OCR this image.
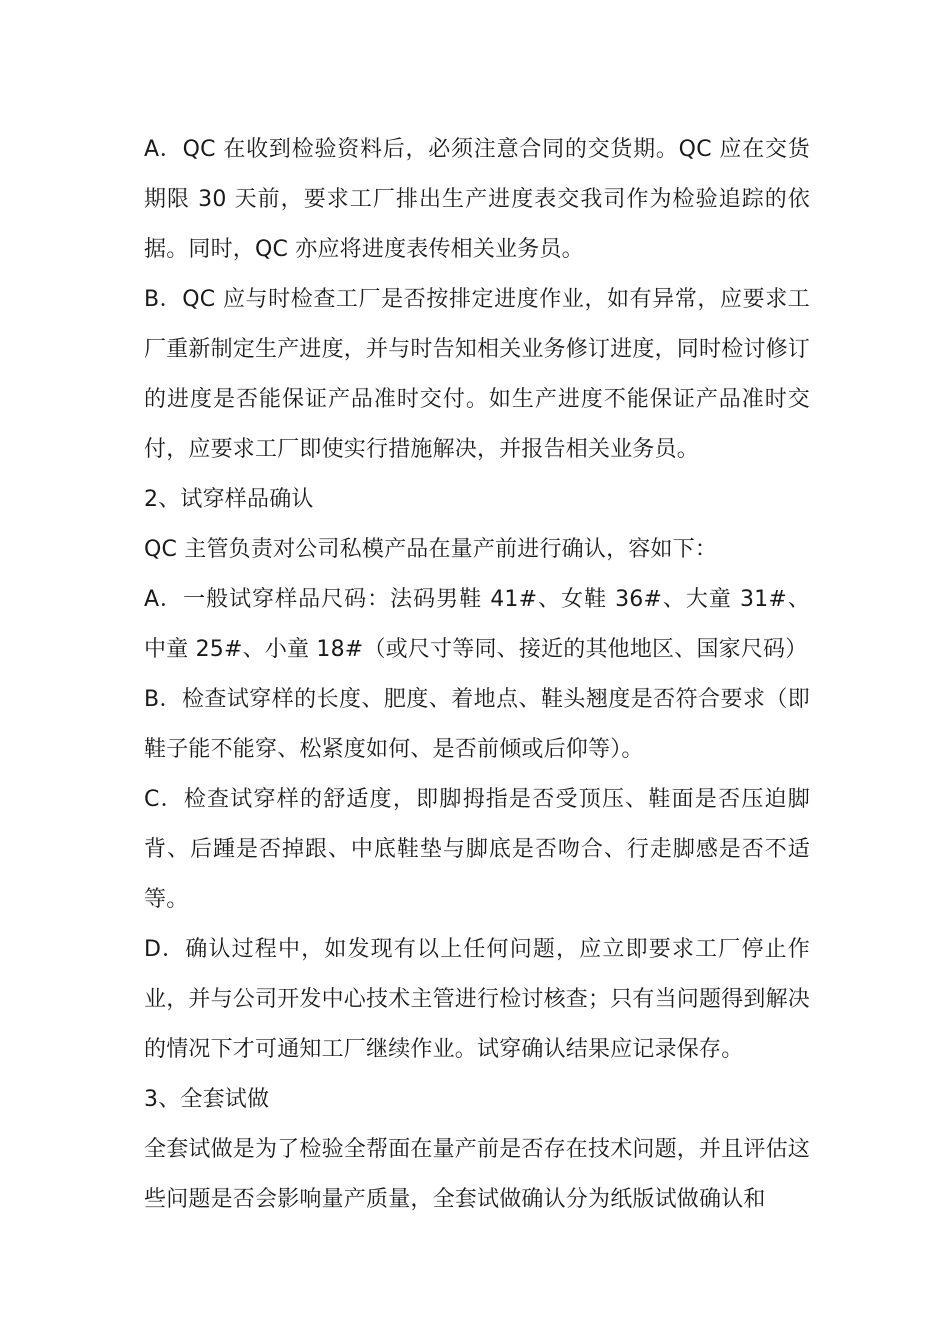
A．QC 在收到检验资料后，必须注意合同的交货期。QC 应在交货期限 30 天前，要求工厂排出生产进度表交我司作为检验追踪的依据。同时，QC 亦应将进度表传相关业务员。

B．QC 应与时检查工厂是否按排定进度作业，如有异常，应要求工厂重新制定生产进度，并与时告知相关业务修订进度，同时检讨修订的进度是否能保证产品准时交付。如生产进度不能保证产品准时交付，应要求工厂即使实行措施解决，并报告相关业务员。

2、试穿样品确认

QC 主管负责对公司私模产品在量产前进行确认，容如下：

A．一般试穿样品尺码：法码男鞋 41#、女鞋 36#、大童 31#、中童 25#、小童 18#（或尺寸等同、接近的其他地区、国家尺码）

B．检查试穿样的长度、肥度、着地点、鞋头翘度是否符合要求（即鞋子能不能穿、松紧度如何、是否前倾或后仰等）。

C．检查试穿样的舒适度，即脚拇指是否受顶压、鞋面是否压迫脚背、后踵是否掉跟、中底鞋垫与脚底是否吻合、行走脚感是否不适等。

D．确认过程中，如发现有以上任何问题，应立即要求工厂停止作业，并与公司开发中心技术主管进行检讨核查；只有当问题得到解决的情况下才可通知工厂继续作业。试穿确认结果应记录保存。

3、全套试做

全套试做是为了检验全帮面在量产前是否存在技术问题，并且评估这些问题是否会影响量产质量，全套试做确认分为纸版试做确认和
